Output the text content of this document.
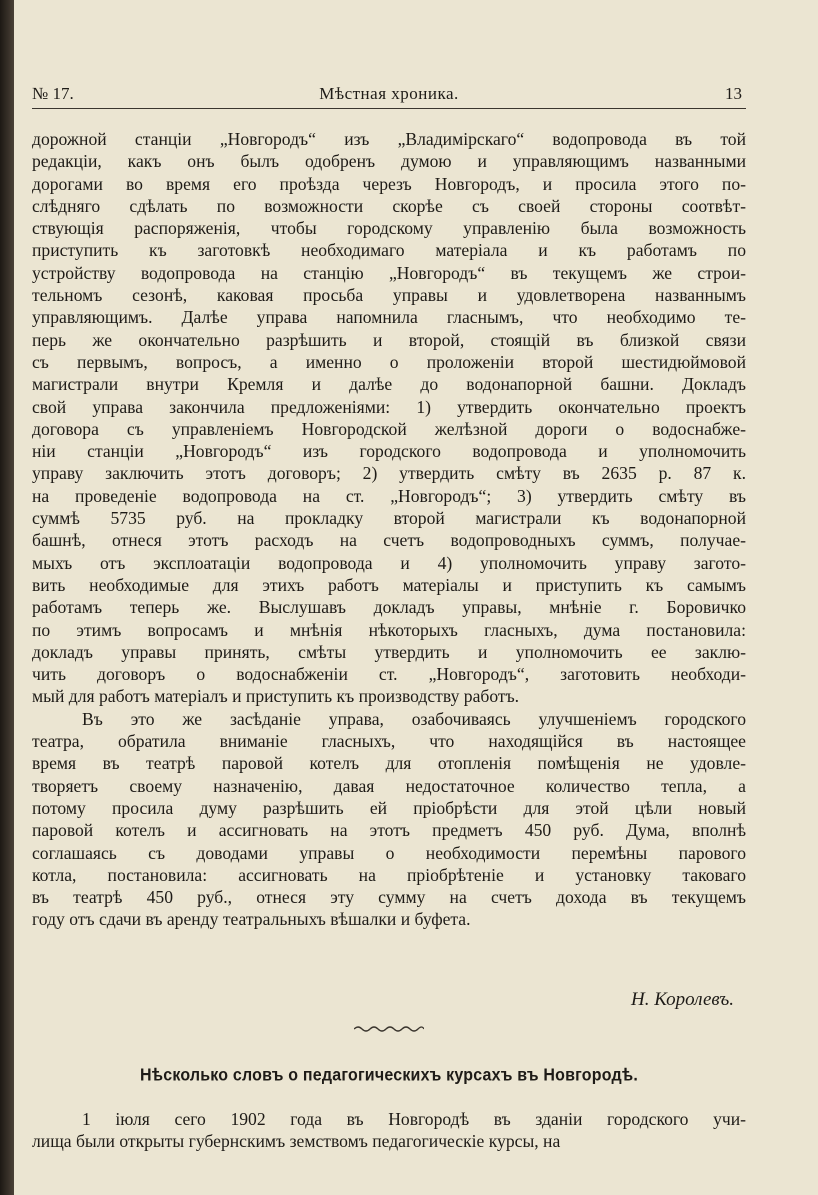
№ 17.	Мѣстная хроника.	13
дорожной станціи „Новгородъ“ изъ „Владимірскаго“ водопровода въ той
редакціи, какъ онъ былъ одобренъ думою и управляющимъ названными
дорогами во время его проѣзда черезъ Новгородъ, и просила этого по-
слѣдняго сдѣлать по возможности скорѣе съ своей стороны соотвѣт-
ствующія распоряженія, чтобы городскому управленію была возможность
приступить къ заготовкѣ необходимаго матеріала и къ работамъ по
устройству водопровода на станцію „Новгородъ“ въ текущемъ же строи-
тельномъ сезонѣ, каковая просьба управы и удовлетворена названнымъ
управляющимъ. Далѣе управа напомнила гласнымъ, что необходимо те-
перь же окончательно разрѣшить и второй, стоящій въ близкой связи
съ первымъ, вопросъ, а именно о проложеніи второй шестидюймовой
магистрали внутри Кремля и далѣе до водонапорной башни. Докладъ
свой управа закончила предложеніями: 1) утвердить окончательно проектъ
договора съ управленіемъ Новгородской желѣзной дороги о водоснабже-
ніи станціи „Новгородъ“ изъ городского водопровода и уполномочить
управу заключить этотъ договоръ; 2) утвердить смѣту въ 2635 р. 87 к.
на проведеніе водопровода на ст. „Новгородъ“; 3) утвердить смѣту въ
суммѣ 5735 руб. на прокладку второй магистрали къ водонапорной
башнѣ, отнеся этотъ расходъ на счетъ водопроводныхъ суммъ, получае-
мыхъ отъ эксплоатаціи водопровода и 4) уполномочить управу загото-
вить необходимые для этихъ работъ матеріалы и приступить къ самымъ
работамъ теперь же. Выслушавъ докладъ управы, мнѣніе г. Боровичко
по этимъ вопросамъ и мнѣнія нѣкоторыхъ гласныхъ, дума постановила:
докладъ управы принять, смѣты утвердить и уполномочить ее заклю-
чить договоръ о водоснабженіи ст. „Новгородъ“, заготовить необходи-
мый для работъ матеріалъ и приступить къ производству работъ.
Въ это же засѣданіе управа, озабочиваясь улучшеніемъ городского
театра, обратила вниманіе гласныхъ, что находящійся въ настоящее
время въ театрѣ паровой котелъ для отопленія помѣщенія не удовле-
творяетъ своему назначенію, давая недостаточное количество тепла, а
потому просила думу разрѣшить ей пріобрѣсти для этой цѣли новый
паровой котелъ и ассигновать на этотъ предметъ 450 руб. Дума, вполнѣ
соглашаясь съ доводами управы о необходимости перемѣны парового
котла, постановила: ассигновать на пріобрѣтеніе и установку таковаго
въ театрѣ 450 руб., отнеся эту сумму на счетъ дохода въ текущемъ
году отъ сдачи въ аренду театральныхъ вѣшалки и буфета.
Н. Королевъ.
Нѣсколько словъ о педагогическихъ курсахъ въ Новгородѣ.
1 іюля сего 1902 года въ Новгородѣ въ зданіи городского учи-
лища были открыты губернскимъ земствомъ педагогическіе курсы, на
